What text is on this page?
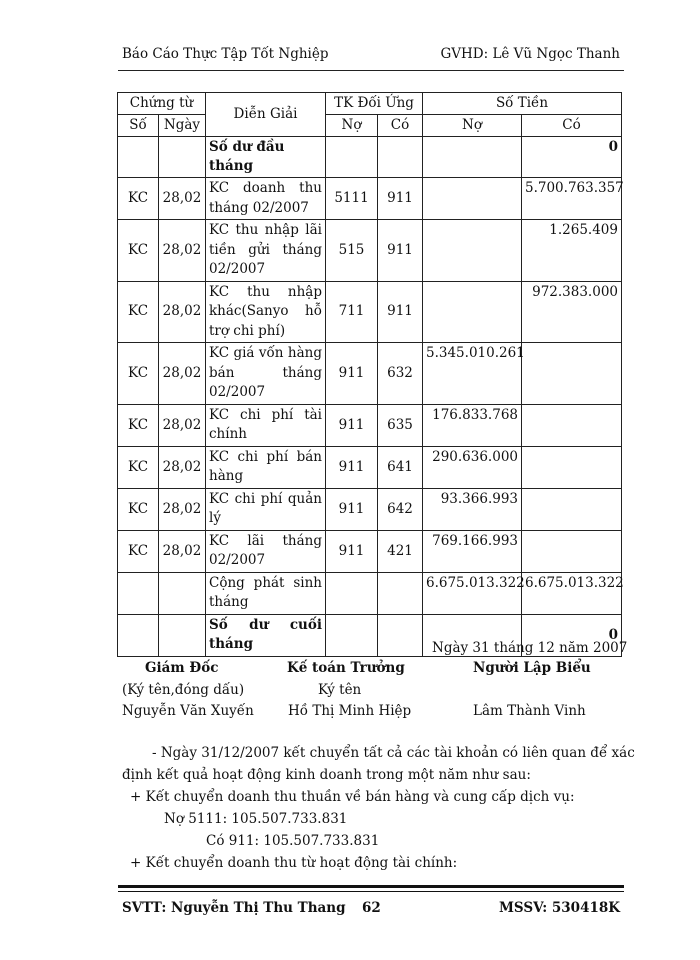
Báo Cáo Thực Tập Tốt Nghiệp	GVHD: Lê Vũ Ngọc Thanh
Chứng từ		Diễn Giải	TK Đối Ứng		Số Tiền	
Số	Ngày		Nợ	Có	Nợ	Có
		Số dư đầu tháng				0
KC	28,02	KC doanh thu tháng 02/2007	5111	911		5.700.763.357
KC	28,02	KC thu nhập lãi tiền gửi tháng 02/2007	515	911		1.265.409
KC	28,02	KC thu nhập khác(Sanyo hỗ trợ chi phí)	711	911		972.383.000
KC	28,02	KC giá vốn hàng bán tháng 02/2007	911	632	5.345.010.261	
KC	28,02	KC chi phí tài chính	911	635	176.833.768	
KC	28,02	KC chi phí bán hàng	911	641	290.636.000	
KC	28,02	KC chi phí quản lý	911	642	93.366.993	
KC	28,02	KC lãi tháng 02/2007	911	421	769.166.993	
		Cộng phát sinh tháng			6.675.013.322	6.675.013.322
		Số dư cuối tháng				0
Ngày 31 tháng 12 năm 2007
Giám Đốc	Kế toán Trưởng	Người Lập Biểu
(Ký tên,đóng dấu)	Ký tên
Nguyễn Văn Xuyến	Hồ Thị Minh Hiệp	Lâm Thành Vinh
- Ngày 31/12/2007 kết chuyển tất cả các tài khoản có liên quan để xác
định kết quả hoạt động kinh doanh trong một năm như sau:
+ Kết chuyển doanh thu thuần về bán hàng và cung cấp dịch vụ:
Nợ 5111: 105.507.733.831
Có 911: 105.507.733.831
+ Kết chuyển doanh thu từ hoạt động tài chính:
SVTT: Nguyễn Thị Thu Thang 62	MSSV: 530418K
